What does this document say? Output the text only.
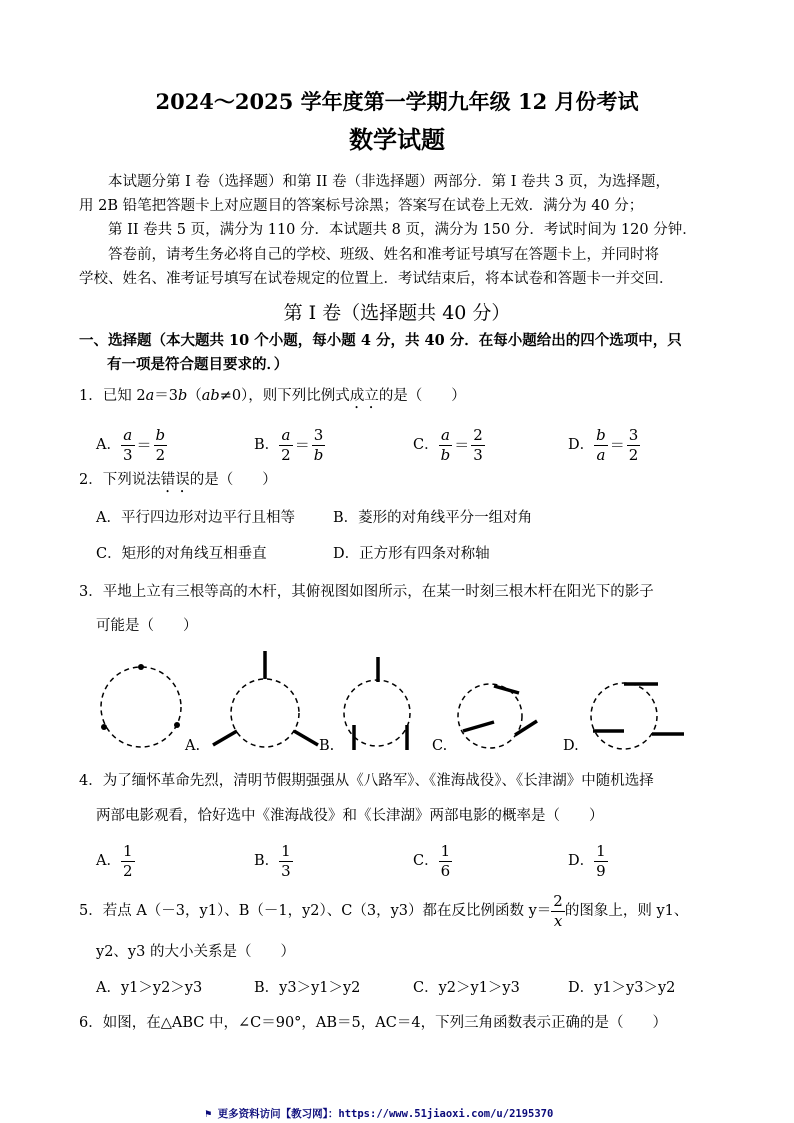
2024～2025 学年度第一学期九年级 12 月份考试
数学试题
本试题分第 I 卷（选择题）和第 II 卷（非选择题）两部分．第 I 卷共 3 页，为选择题，
用 2B 铅笔把答题卡上对应题目的答案标号涂黑；答案写在试卷上无效．满分为 40 分；
第 II 卷共 5 页，满分为 110 分．本试题共 8 页，满分为 150 分．考试时间为 120 分钟．
答卷前，请考生务必将自己的学校、班级、姓名和准考证号填写在答题卡上，并同时将
学校、姓名、准考证号填写在试卷规定的位置上．考试结束后，将本试卷和答题卡一并交回．
第 I 卷（选择题共 40 分）
一、选择题（本大题共 10 个小题，每小题 4 分，共 40 分．在每小题给出的四个选项中，只
有一项是符合题目要求的．）
1．已知 2a＝3b（ab≠0），则下列比例式成立的是（　　）
A． $\frac{a}{3} = \frac{b}{2}$	B． $\frac{a}{2} = \frac{3}{b}$	C． $\frac{a}{b} = \frac{2}{3}$	D． $\frac{b}{a} = \frac{3}{2}$
2．下列说法错误的是（　　）
A．平行四边形对边平行且相等	B．菱形的对角线平分一组对角
C．矩形的对角线互相垂直	D．正方形有四条对称轴
3．平地上立有三根等高的木杆，其俯视图如图所示，在某一时刻三根木杆在阳光下的影子
可能是（　　）
A.	B.	C.	D.
4．为了缅怀革命先烈，清明节假期强强从《八路军》、《淮海战役》、《长津湖》中随机选择
两部电影观看，恰好选中《淮海战役》和《长津湖》两部电影的概率是（　　）
A． $\frac{1}{2}$	B． $\frac{1}{3}$	C． $\frac{1}{6}$	D． $\frac{1}{9}$
5．若点 A（－3，y1）、B（－1，y2）、C（3，y3）都在反比例函数 $y= \frac{2}{x}$ 的图象上，则 y1、
y2、y3 的大小关系是（　　）
A．y1＞y2＞y3	B．y3＞y1＞y2	C．y2＞y1＞y3	D．y1＞y3＞y2
6．如图，在△ABC 中，∠C＝90°，AB＝5，AC＝4，下列三角函数表示正确的是（　　）
⚑ 更多资料访问【教习网】：https://www.51jiaoxi.com/u/2195370
